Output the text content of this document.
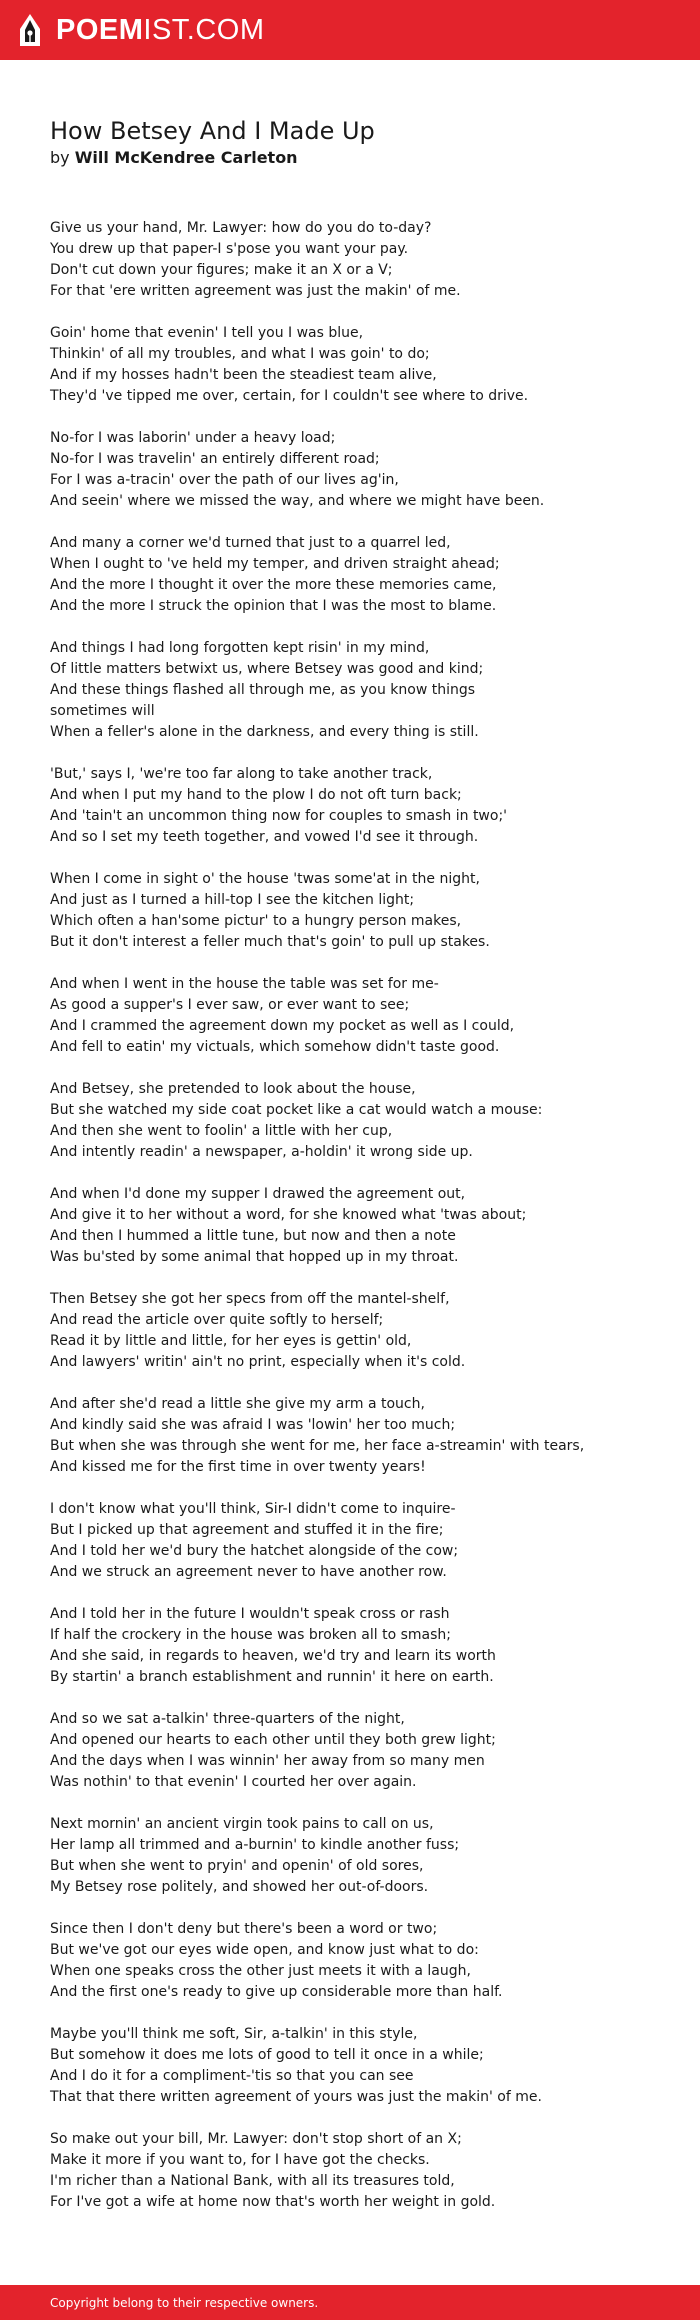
POEMIST.COM
How Betsey And I Made Up
by Will McKendree Carleton
Give us your hand, Mr. Lawyer: how do you do to-day?
You drew up that paper-I s'pose you want your pay.
Don't cut down your figures; make it an X or a V;
For that 'ere written agreement was just the makin' of me.
Goin' home that evenin' I tell you I was blue,
Thinkin' of all my troubles, and what I was goin' to do;
And if my hosses hadn't been the steadiest team alive,
They'd 've tipped me over, certain, for I couldn't see where to drive.
No-for I was laborin' under a heavy load;
No-for I was travelin' an entirely different road;
For I was a-tracin' over the path of our lives ag'in,
And seein' where we missed the way, and where we might have been.
And many a corner we'd turned that just to a quarrel led,
When I ought to 've held my temper, and driven straight ahead;
And the more I thought it over the more these memories came,
And the more I struck the opinion that I was the most to blame.
And things I had long forgotten kept risin' in my mind,
Of little matters betwixt us, where Betsey was good and kind;
And these things flashed all through me, as you know things
sometimes will
When a feller's alone in the darkness, and every thing is still.
'But,' says I, 'we're too far along to take another track,
And when I put my hand to the plow I do not oft turn back;
And 'tain't an uncommon thing now for couples to smash in two;'
And so I set my teeth together, and vowed I'd see it through.
When I come in sight o' the house 'twas some'at in the night,
And just as I turned a hill-top I see the kitchen light;
Which often a han'some pictur' to a hungry person makes,
But it don't interest a feller much that's goin' to pull up stakes.
And when I went in the house the table was set for me-
As good a supper's I ever saw, or ever want to see;
And I crammed the agreement down my pocket as well as I could,
And fell to eatin' my victuals, which somehow didn't taste good.
And Betsey, she pretended to look about the house,
But she watched my side coat pocket like a cat would watch a mouse:
And then she went to foolin' a little with her cup,
And intently readin' a newspaper, a-holdin' it wrong side up.
And when I'd done my supper I drawed the agreement out,
And give it to her without a word, for she knowed what 'twas about;
And then I hummed a little tune, but now and then a note
Was bu'sted by some animal that hopped up in my throat.
Then Betsey she got her specs from off the mantel-shelf,
And read the article over quite softly to herself;
Read it by little and little, for her eyes is gettin' old,
And lawyers' writin' ain't no print, especially when it's cold.
And after she'd read a little she give my arm a touch,
And kindly said she was afraid I was 'lowin' her too much;
But when she was through she went for me, her face a-streamin' with tears,
And kissed me for the first time in over twenty years!
I don't know what you'll think, Sir-I didn't come to inquire-
But I picked up that agreement and stuffed it in the fire;
And I told her we'd bury the hatchet alongside of the cow;
And we struck an agreement never to have another row.
And I told her in the future I wouldn't speak cross or rash
If half the crockery in the house was broken all to smash;
And she said, in regards to heaven, we'd try and learn its worth
By startin' a branch establishment and runnin' it here on earth.
And so we sat a-talkin' three-quarters of the night,
And opened our hearts to each other until they both grew light;
And the days when I was winnin' her away from so many men
Was nothin' to that evenin' I courted her over again.
Next mornin' an ancient virgin took pains to call on us,
Her lamp all trimmed and a-burnin' to kindle another fuss;
But when she went to pryin' and openin' of old sores,
My Betsey rose politely, and showed her out-of-doors.
Since then I don't deny but there's been a word or two;
But we've got our eyes wide open, and know just what to do:
When one speaks cross the other just meets it with a laugh,
And the first one's ready to give up considerable more than half.
Maybe you'll think me soft, Sir, a-talkin' in this style,
But somehow it does me lots of good to tell it once in a while;
And I do it for a compliment-'tis so that you can see
That that there written agreement of yours was just the makin' of me.
So make out your bill, Mr. Lawyer: don't stop short of an X;
Make it more if you want to, for I have got the checks.
I'm richer than a National Bank, with all its treasures told,
For I've got a wife at home now that's worth her weight in gold.
Copyright belong to their respective owners.
